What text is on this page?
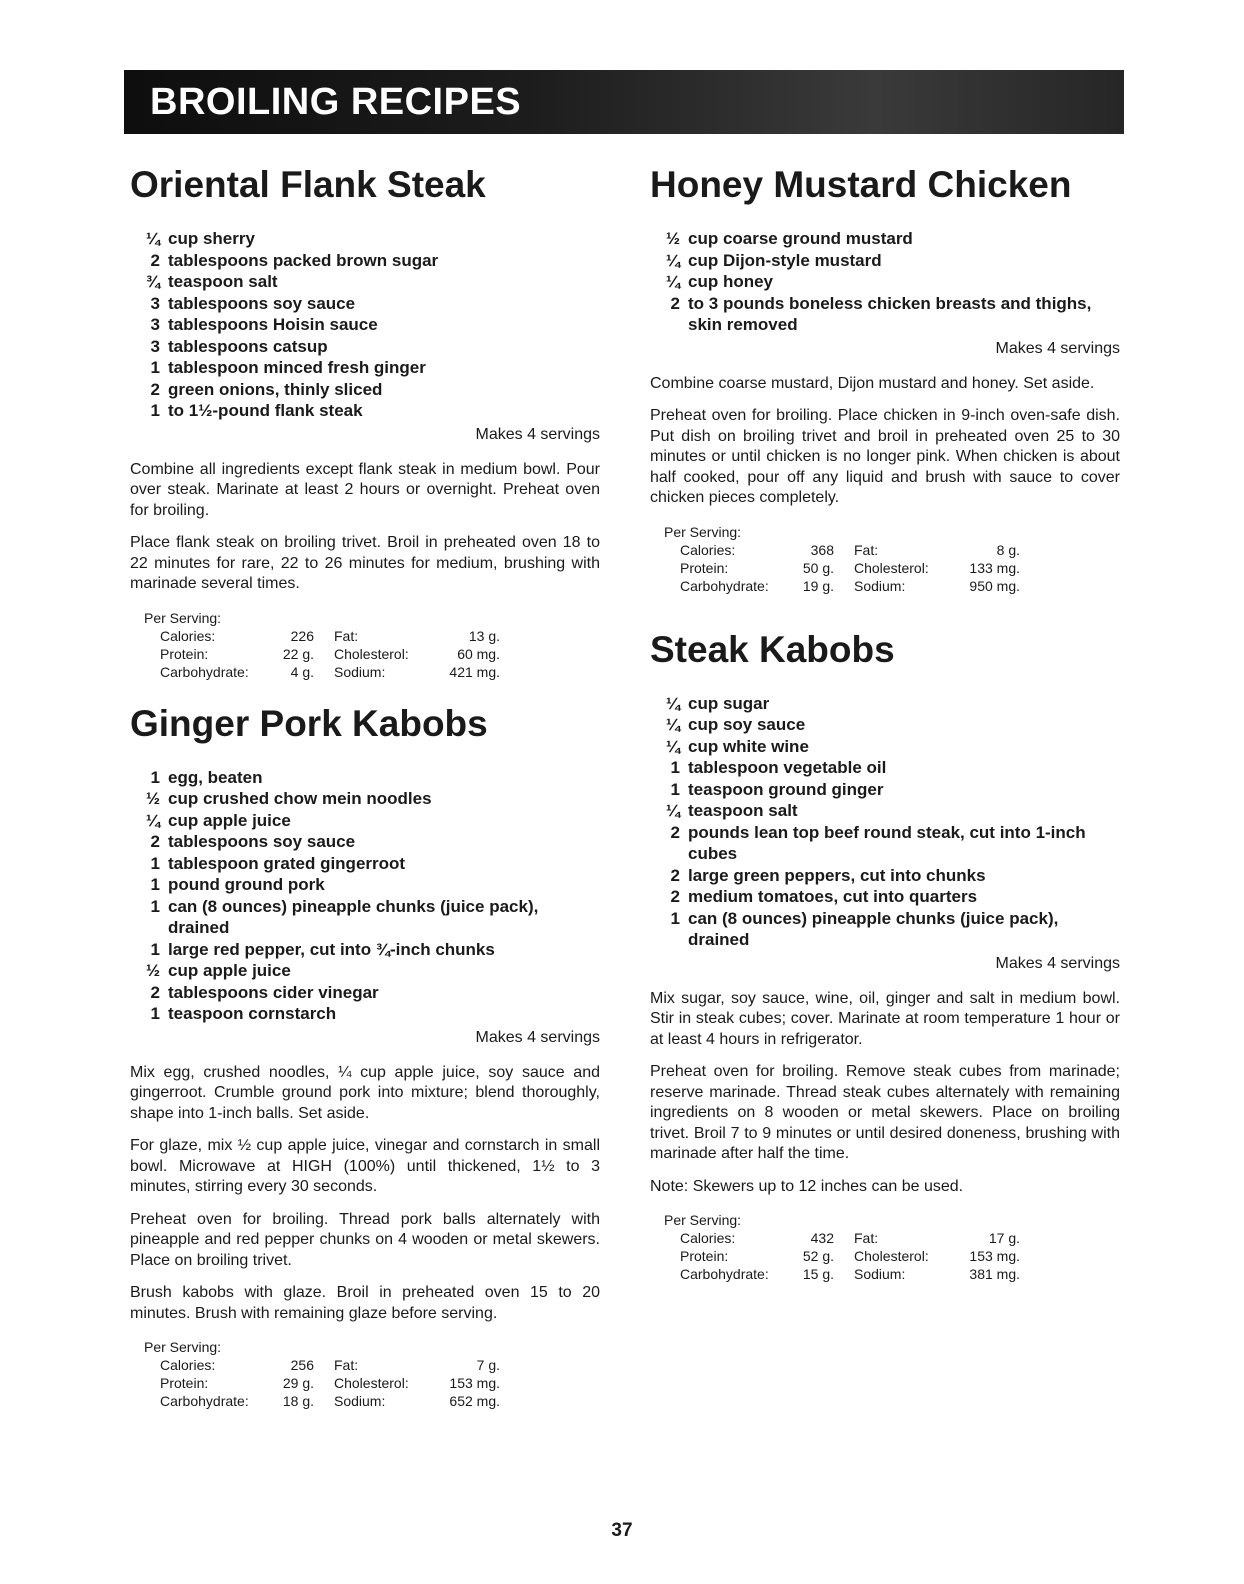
BROILING RECIPES
Oriental Flank Steak
¼ cup sherry
2 tablespoons packed brown sugar
¾ teaspoon salt
3 tablespoons soy sauce
3 tablespoons Hoisin sauce
3 tablespoons catsup
1 tablespoon minced fresh ginger
2 green onions, thinly sliced
1 to 1½-pound flank steak
Makes 4 servings

Combine all ingredients except flank steak in medium bowl. Pour over steak. Marinate at least 2 hours or overnight. Preheat oven for broiling.

Place flank steak on broiling trivet. Broil in preheated oven 18 to 22 minutes for rare, 22 to 26 minutes for medium, brushing with marinade several times.

Per Serving:
Calories:	226	Fat:	13 g.
Protein:	22 g.	Cholesterol:	60 mg.
Carbohydrate:	4 g.	Sodium:	421 mg.
Ginger Pork Kabobs
1 egg, beaten
½ cup crushed chow mein noodles
¼ cup apple juice
2 tablespoons soy sauce
1 tablespoon grated gingerroot
1 pound ground pork
1 can (8 ounces) pineapple chunks (juice pack), drained
1 large red pepper, cut into ¾-inch chunks
½ cup apple juice
2 tablespoons cider vinegar
1 teaspoon cornstarch
Makes 4 servings

Mix egg, crushed noodles, ¼ cup apple juice, soy sauce and gingerroot. Crumble ground pork into mixture; blend thoroughly, shape into 1-inch balls. Set aside.

For glaze, mix ½ cup apple juice, vinegar and cornstarch in small bowl. Microwave at HIGH (100%) until thickened, 1½ to 3 minutes, stirring every 30 seconds.

Preheat oven for broiling. Thread pork balls alternately with pineapple and red pepper chunks on 4 wooden or metal skewers. Place on broiling trivet.

Brush kabobs with glaze. Broil in preheated oven 15 to 20 minutes. Brush with remaining glaze before serving.

Per Serving:
Calories:	256	Fat:	7 g.
Protein:	29 g.	Cholesterol:	153 mg.
Carbohydrate:	18 g.	Sodium:	652 mg.
Honey Mustard Chicken
½ cup coarse ground mustard
¼ cup Dijon-style mustard
¼ cup honey
2 to 3 pounds boneless chicken breasts and thighs, skin removed
Makes 4 servings

Combine coarse mustard, Dijon mustard and honey. Set aside.

Preheat oven for broiling. Place chicken in 9-inch oven-safe dish. Put dish on broiling trivet and broil in preheated oven 25 to 30 minutes or until chicken is no longer pink. When chicken is about half cooked, pour off any liquid and brush with sauce to cover chicken pieces completely.

Per Serving:
Calories:	368	Fat:	8 g.
Protein:	50 g.	Cholesterol:	133 mg.
Carbohydrate:	19 g.	Sodium:	950 mg.
Steak Kabobs
¼ cup sugar
¼ cup soy sauce
¼ cup white wine
1 tablespoon vegetable oil
1 teaspoon ground ginger
¼ teaspoon salt
2 pounds lean top beef round steak, cut into 1-inch cubes
2 large green peppers, cut into chunks
2 medium tomatoes, cut into quarters
1 can (8 ounces) pineapple chunks (juice pack), drained
Makes 4 servings

Mix sugar, soy sauce, wine, oil, ginger and salt in medium bowl. Stir in steak cubes; cover. Marinate at room temperature 1 hour or at least 4 hours in refrigerator.

Preheat oven for broiling. Remove steak cubes from marinade; reserve marinade. Thread steak cubes alternately with remaining ingredients on 8 wooden or metal skewers. Place on broiling trivet. Broil 7 to 9 minutes or until desired doneness, brushing with marinade after half the time.

Note: Skewers up to 12 inches can be used.

Per Serving:
Calories:	432	Fat:	17 g.
Protein:	52 g.	Cholesterol:	153 mg.
Carbohydrate:	15 g.	Sodium:	381 mg.
37
